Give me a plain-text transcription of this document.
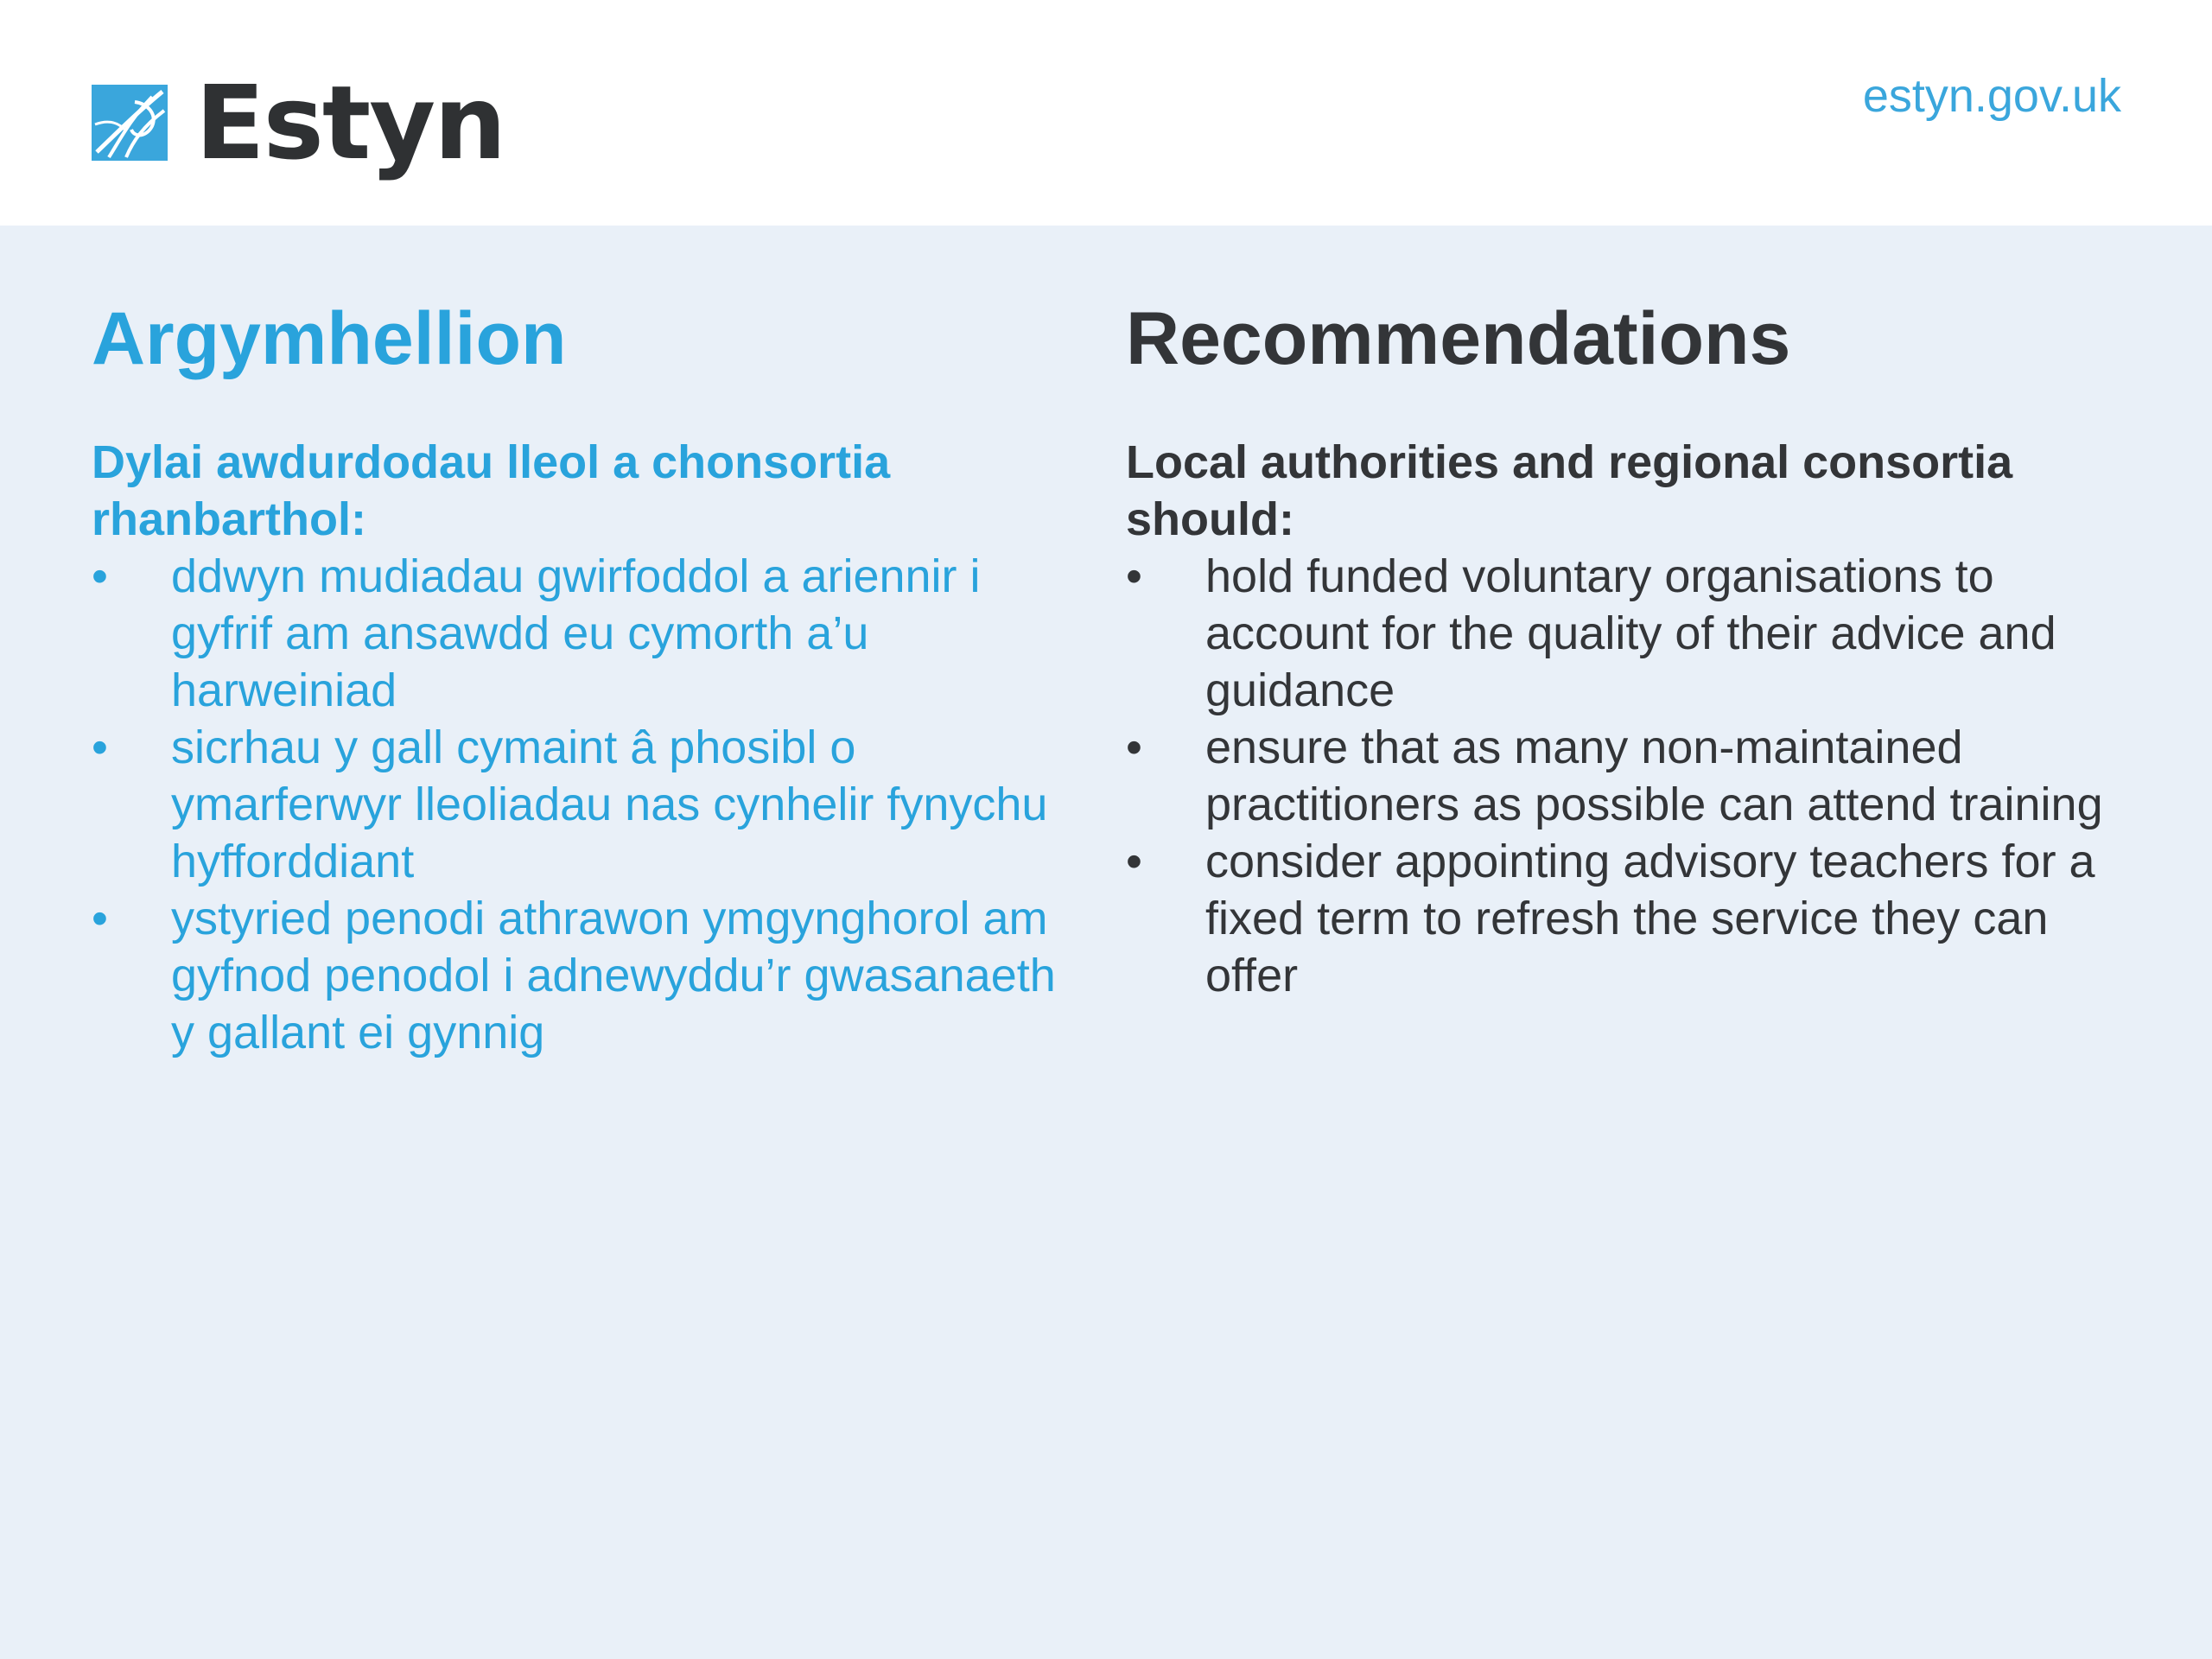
Estyn	estyn.gov.uk
Argymhellion
Dylai awdurdodau lleol a chonsortia rhanbarthol:
•	ddwyn mudiadau gwirfoddol a ariennir i gyfrif am ansawdd eu cymorth a’u harweiniad
•	sicrhau y gall cymaint â phosibl o ymarferwyr lleoliadau nas cynhelir fynychu hyfforddiant
•	ystyried penodi athrawon ymgynghorol am gyfnod penodol i adnewyddu’r gwasanaeth y gallant ei gynnig
Recommendations
Local authorities and regional consortia should:
•	hold funded voluntary organisations to account for the quality of their advice and guidance
•	ensure that as many non-maintained practitioners as possible can attend training
•	consider appointing advisory teachers for a fixed term to refresh the service they can offer
